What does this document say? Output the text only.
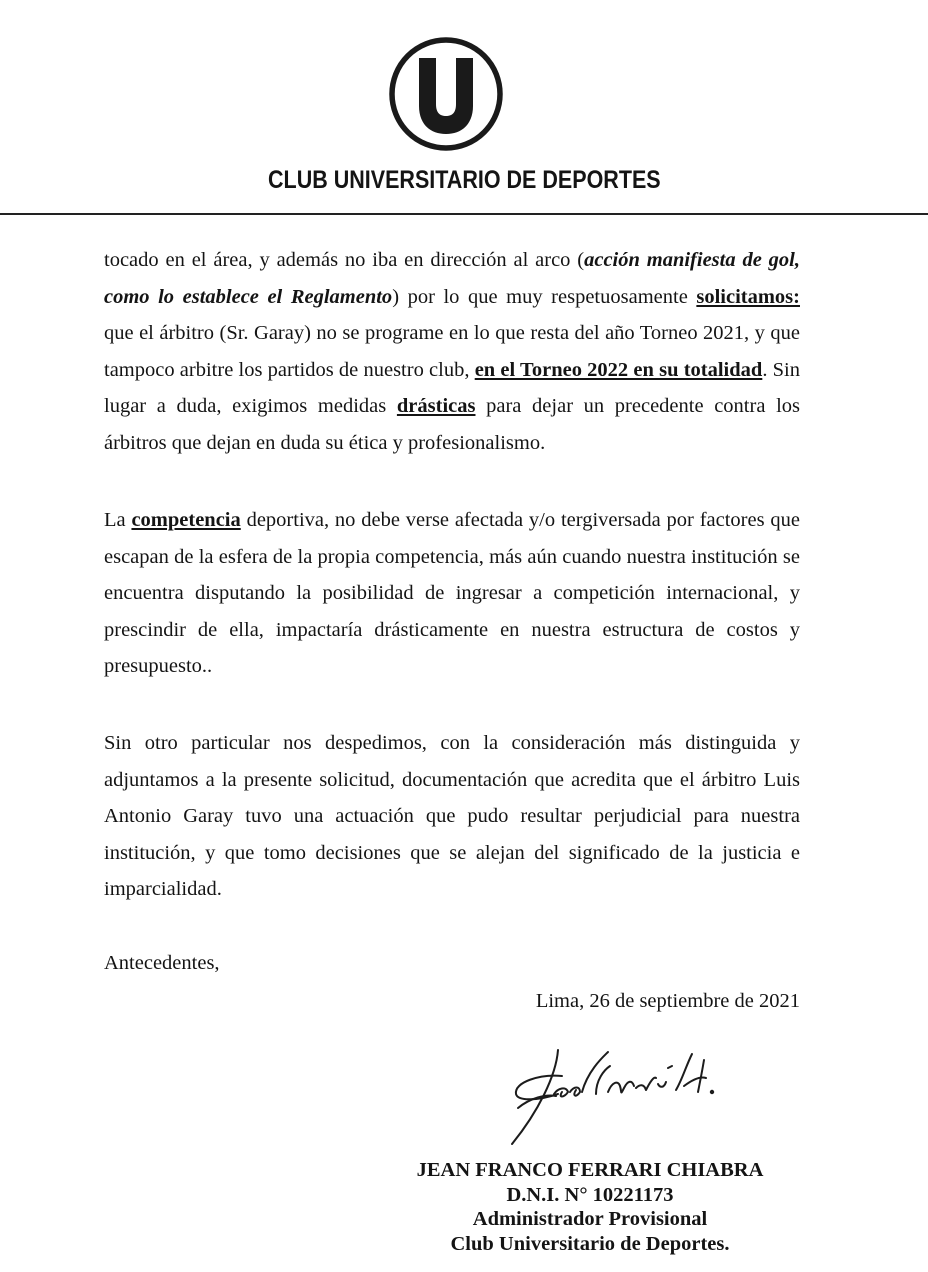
CLUB UNIVERSITARIO DE DEPORTES

tocado en el área, y además no iba en dirección al arco (acción manifiesta de gol, como lo establece el Reglamento) por lo que muy respetuosamente solicitamos: que el árbitro (Sr. Garay) no se programe en lo que resta del año Torneo 2021, y que tampoco arbitre los partidos de nuestro club, en el Torneo 2022 en su totalidad. Sin lugar a duda, exigimos medidas drásticas para dejar un precedente contra los árbitros que dejan en duda su ética y profesionalismo.

La competencia deportiva, no debe verse afectada y/o tergiversada por factores que escapan de la esfera de la propia competencia, más aún cuando nuestra institución se encuentra disputando la posibilidad de ingresar a competición internacional, y prescindir de ella, impactaría drásticamente en nuestra estructura de costos y presupuesto..

Sin otro particular nos despedimos, con la consideración más distinguida y adjuntamos a la presente solicitud, documentación que acredita que el árbitro Luis Antonio Garay tuvo una actuación que pudo resultar perjudicial para nuestra institución, y que tomo decisiones que se alejan del significado de la justicia e imparcialidad.

Antecedentes,

Lima, 26 de septiembre de 2021

JEAN FRANCO FERRARI CHIABRA
D.N.I. N° 10221173
Administrador Provisional
Club Universitario de Deportes.
